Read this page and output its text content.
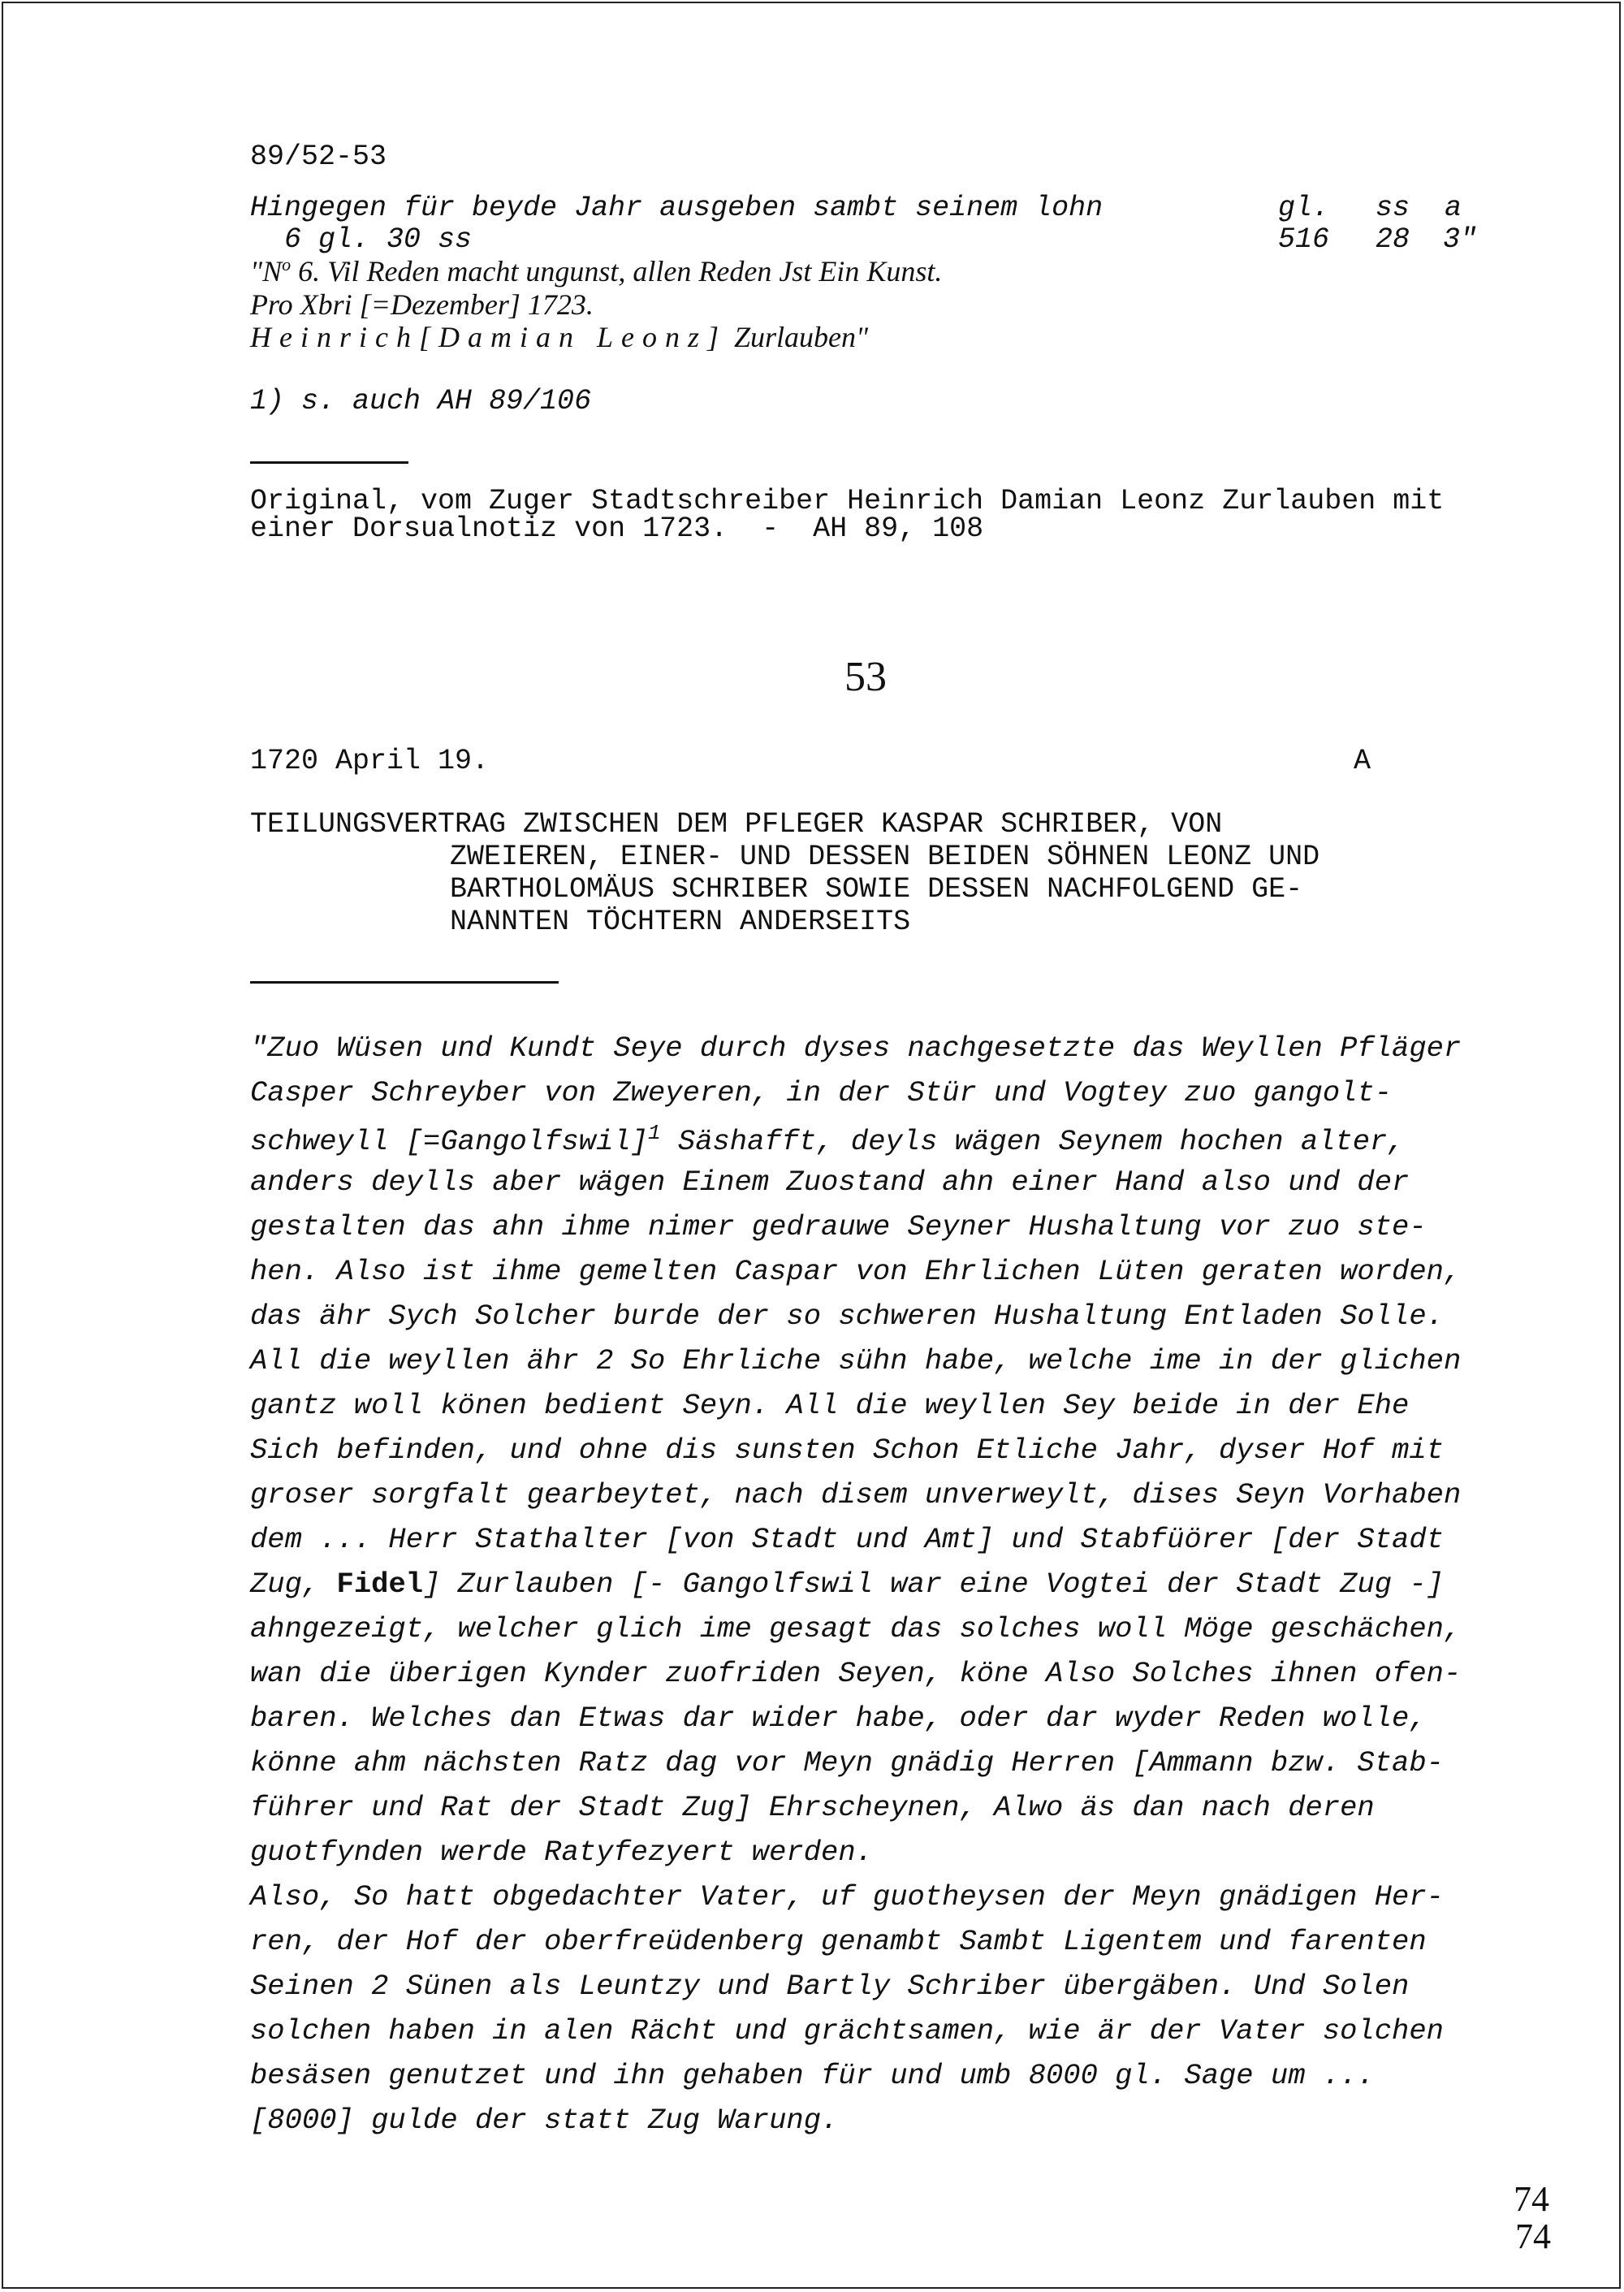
89/52-53
Hingegen für beyde Jahr ausgeben sambt seinem lohn
6 gl. 30 ss
gl. ss a
516 28 3"
"$N^o$ 6. Vil Reden macht ungunst, allen Reden Jst Ein Kunst.
Pro Xbri [=Dezember] 1723.
Heinrich[Damian Leonz] Zurlauben"
1) s. auch AH 89/106
Original, vom Zuger Stadtschreiber Heinrich Damian Leonz Zurlauben mit
einer Dorsualnotiz von 1723.  -  AH 89, 108
53
1720 April 19.	A
TEILUNGSVERTRAG ZWISCHEN DEM PFLEGER KASPAR SCHRIBER, VON
ZWEIEREN, EINER- UND DESSEN BEIDEN SÖHNEN LEONZ UND
BARTHOLOMÄUS SCHRIBER SOWIE DESSEN NACHFOLGEND GE-
NANNTEN TÖCHTERN ANDERSEITS
"Zuo Wüsen und Kundt Seye durch dyses nachgesetzte das Weyllen Pfläger
Casper Schreyber von Zweyeren, in der Stür und Vogtey zuo gangolt-
schweyll [=Gangolfswil]$^1$ Säshafft, deyls wägen Seynem hochen alter,
anders deylls aber wägen Einem Zuostand ahn einer Hand also und der
gestalten das ahn ihme nimer gedrauwe Seyner Hushaltung vor zuo ste-
hen. Also ist ihme gemelten Caspar von Ehrlichen Lüten geraten worden,
das ähr Sych Solcher burde der so schweren Hushaltung Entladen Solle.
All die weyllen ähr 2 So Ehrliche sühn habe, welche ime in der glichen
gantz woll könen bedient Seyn. All die weyllen Sey beide in der Ehe
Sich befinden, und ohne dis sunsten Schon Etliche Jahr, dyser Hof mit
groser sorgfalt gearbeytet, nach disem unverweylt, dises Seyn Vorhaben
dem ... Herr Stathalter [von Stadt und Amt] und Stabfüörer [der Stadt
Zug, Fidel] Zurlauben [- Gangolfswil war eine Vogtei der Stadt Zug -]
ahngezeigt, welcher glich ime gesagt das solches woll Möge geschächen,
wan die überigen Kynder zuofriden Seyen, köne Also Solches ihnen ofen-
baren. Welches dan Etwas dar wider habe, oder dar wyder Reden wolle,
könne ahm nächsten Ratz dag vor Meyn gnädig Herren [Ammann bzw. Stab-
führer und Rat der Stadt Zug] Ehrscheynen, Alwo äs dan nach deren
guotfynden werde Ratyfezyert werden.
Also, So hatt obgedachter Vater, uf guotheysen der Meyn gnädigen Her-
ren, der Hof der oberfreüdenberg genambt Sambt Ligentem und farenten
Seinen 2 Sünen als Leuntzy und Bartly Schriber übergäben. Und Solen
solchen haben in alen Rächt und grächtsamen, wie är der Vater solchen
besäsen genutzet und ihn gehaben für und umb 8000 gl. Sage um ...
[8000] gulde der statt Zug Warung.
74
74
